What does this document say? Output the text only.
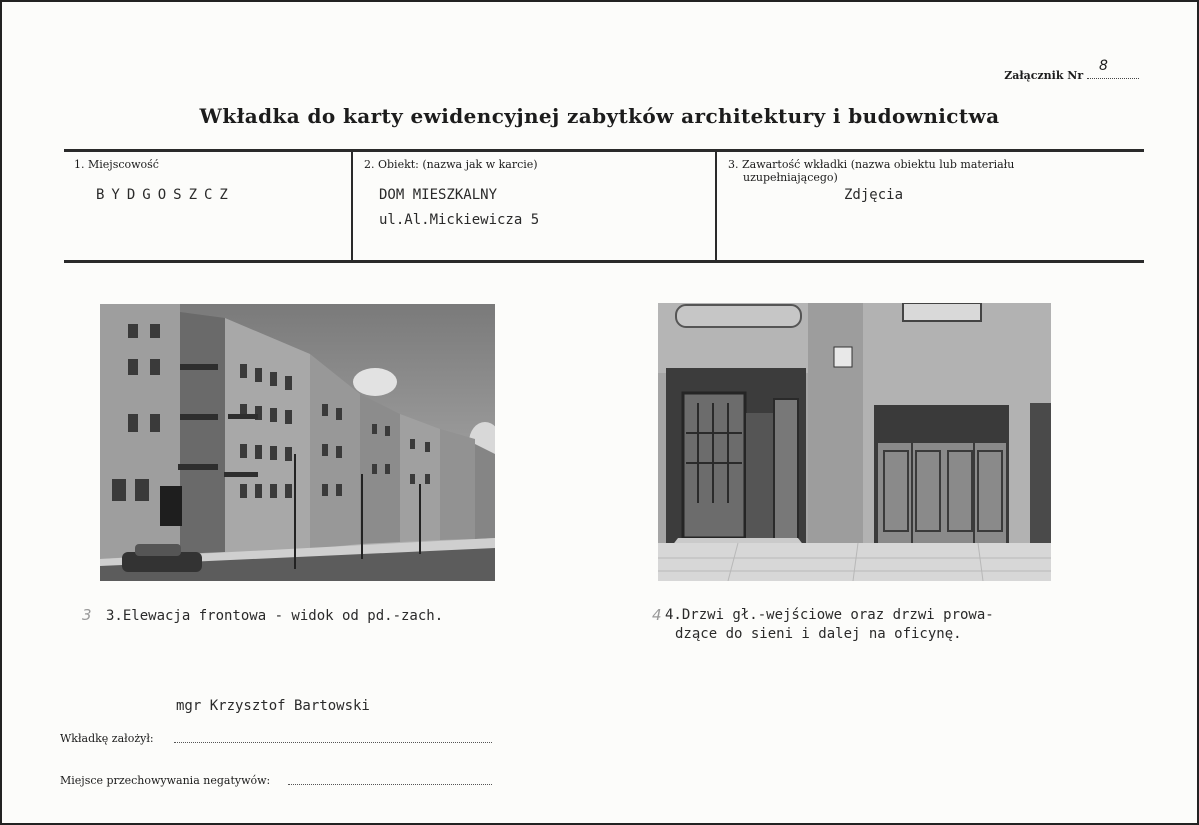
Załącznik Nr
8
Wkładka do karty ewidencyjnej zabytków architektury i budownictwa
1. Miejscowość
BYDGOSZCZ
2. Obiekt: (nazwa jak w karcie)
DOM MIESZKALNY
ul.Al.Mickiewicza 5
3. Zawartość wkładki (nazwa obiektu lub materiału
uzupełniającego)
Zdjęcia
3 3.Elewacja frontowa - widok od pd.-zach.	4 4.Drzwi gł.-wejściowe oraz drzwi prowa-
dzące do sieni i dalej na oficynę.
mgr Krzysztof Bartowski
Wkładkę założył:
Miejsce przechowywania negatywów:
